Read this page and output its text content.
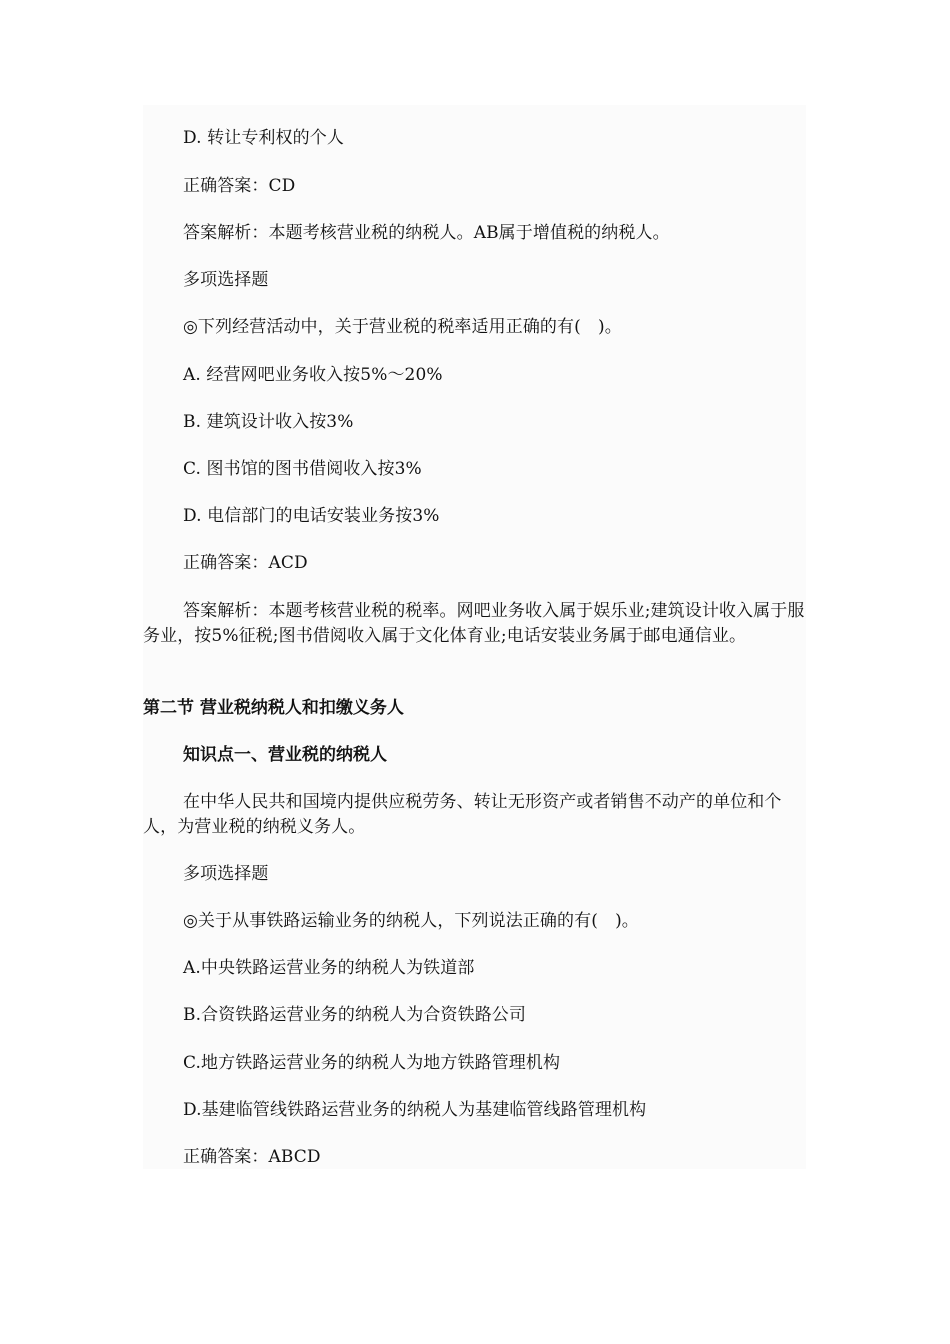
D. 转让专利权的个人

正确答案：CD

答案解析：本题考核营业税的纳税人。AB属于增值税的纳税人。

多项选择题

◎下列经营活动中，关于营业税的税率适用正确的有(　)。

A. 经营网吧业务收入按5%～20%

B. 建筑设计收入按3%

C. 图书馆的图书借阅收入按3%

D. 电信部门的电话安装业务按3%

正确答案：ACD

答案解析：本题考核营业税的税率。网吧业务收入属于娱乐业;建筑设计收入属于服务业，按5%征税;图书借阅收入属于文化体育业;电话安装业务属于邮电通信业。

第二节 营业税纳税人和扣缴义务人

知识点一、营业税的纳税人

在中华人民共和国境内提供应税劳务、转让无形资产或者销售不动产的单位和个人，为营业税的纳税义务人。

多项选择题

◎关于从事铁路运输业务的纳税人，下列说法正确的有(　)。

A.中央铁路运营业务的纳税人为铁道部

B.合资铁路运营业务的纳税人为合资铁路公司

C.地方铁路运营业务的纳税人为地方铁路管理机构

D.基建临管线铁路运营业务的纳税人为基建临管线路管理机构

正确答案：ABCD
